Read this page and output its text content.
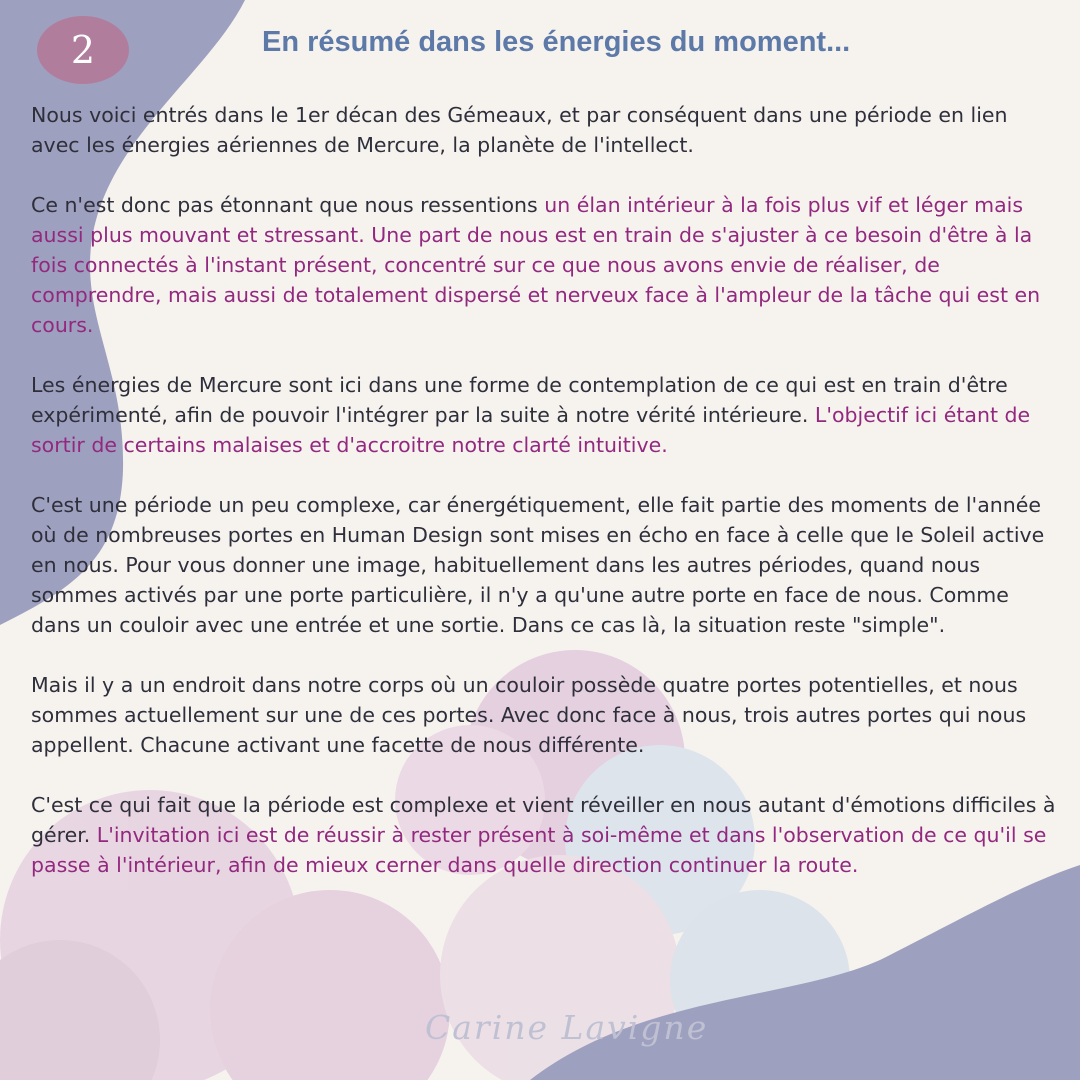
2	En résumé dans les énergies du moment...

Nous voici entrés dans le 1er décan des Gémeaux, et par conséquent dans une période en lien avec les énergies aériennes de Mercure, la planète de l'intellect.

Ce n'est donc pas étonnant que nous ressentions un élan intérieur à la fois plus vif et léger mais aussi plus mouvant et stressant. Une part de nous est en train de s'ajuster à ce besoin d'être à la fois connectés à l'instant présent, concentré sur ce que nous avons envie de réaliser, de comprendre, mais aussi de totalement dispersé et nerveux face à l'ampleur de la tâche qui est en cours.

Les énergies de Mercure sont ici dans une forme de contemplation de ce qui est en train d'être expérimenté, afin de pouvoir l'intégrer par la suite à notre vérité intérieure. L'objectif ici étant de sortir de certains malaises et d'accroitre notre clarté intuitive.

C'est une période un peu complexe, car énergétiquement, elle fait partie des moments de l'année où de nombreuses portes en Human Design sont mises en écho en face à celle que le Soleil active en nous. Pour vous donner une image, habituellement dans les autres périodes, quand nous sommes activés par une porte particulière, il n'y a qu'une autre porte en face de nous. Comme dans un couloir avec une entrée et une sortie. Dans ce cas là, la situation reste "simple".

Mais il y a un endroit dans notre corps où un couloir possède quatre portes potentielles, et nous sommes actuellement sur une de ces portes. Avec donc face à nous, trois autres portes qui nous appellent. Chacune activant une facette de nous différente.

C'est ce qui fait que la période est complexe et vient réveiller en nous autant d'émotions difficiles à gérer. L'invitation ici est de réussir à rester présent à soi-même et dans l'observation de ce qu'il se passe à l'intérieur, afin de mieux cerner dans quelle direction continuer la route.

Carine Lavigne
